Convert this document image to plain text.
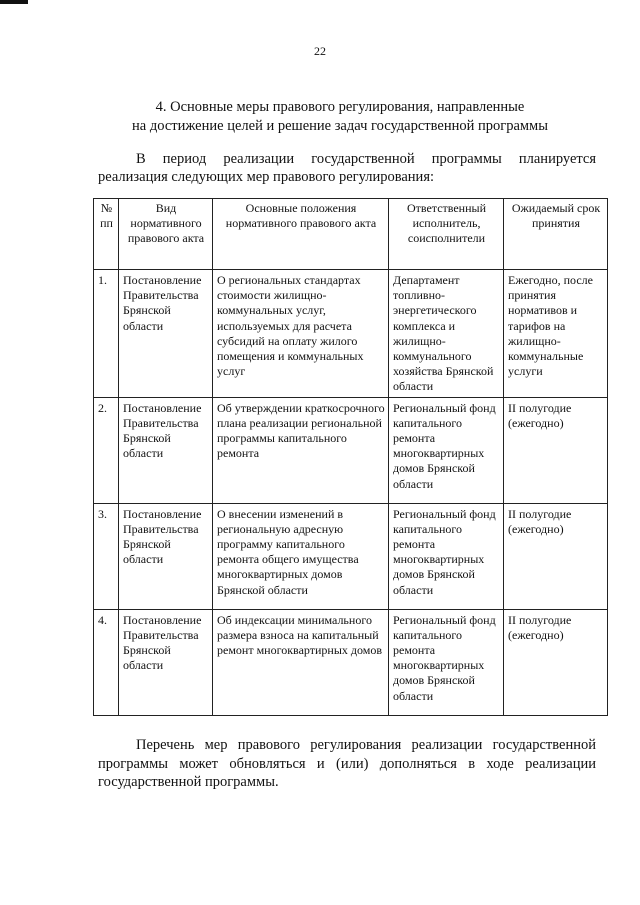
22
4. Основные меры правового регулирования, направленные
на достижение целей и решение задач государственной программы

В период реализации государственной программы планируется реализация следующих мер правового регулирования:

№ пп	Вид нормативного правового акта	Основные положения нормативного правового акта	Ответственный исполнитель, соисполнители	Ожидаемый срок принятия
1.	Постановление Правительства Брянской области	О региональных стандартах стоимости жилищно-коммунальных услуг, используемых для расчета субсидий на оплату жилого помещения и коммунальных услуг	Департамент топливно-энергетического комплекса и жилищно-коммунального хозяйства Брянской области	Ежегодно, после принятия нормативов и тарифов на жилищно-коммунальные услуги
2.	Постановление Правительства Брянской области	Об утверждении краткосрочного плана реализации региональной программы капитального ремонта	Региональный фонд капитального ремонта многоквартирных домов Брянской области	II полугодие (ежегодно)
3.	Постановление Правительства Брянской области	О внесении изменений в региональную адресную программу капитального ремонта общего имущества многоквартирных домов Брянской области	Региональный фонд капитального ремонта многоквартирных домов Брянской области	II полугодие (ежегодно)
4.	Постановление Правительства Брянской области	Об индексации минимального размера взноса на капитальный ремонт многоквартирных домов	Региональный фонд капитального ремонта многоквартирных домов Брянской области	II полугодие (ежегодно)

Перечень мер правового регулирования реализации государственной программы может обновляться и (или) дополняться в ходе реализации государственной программы.
